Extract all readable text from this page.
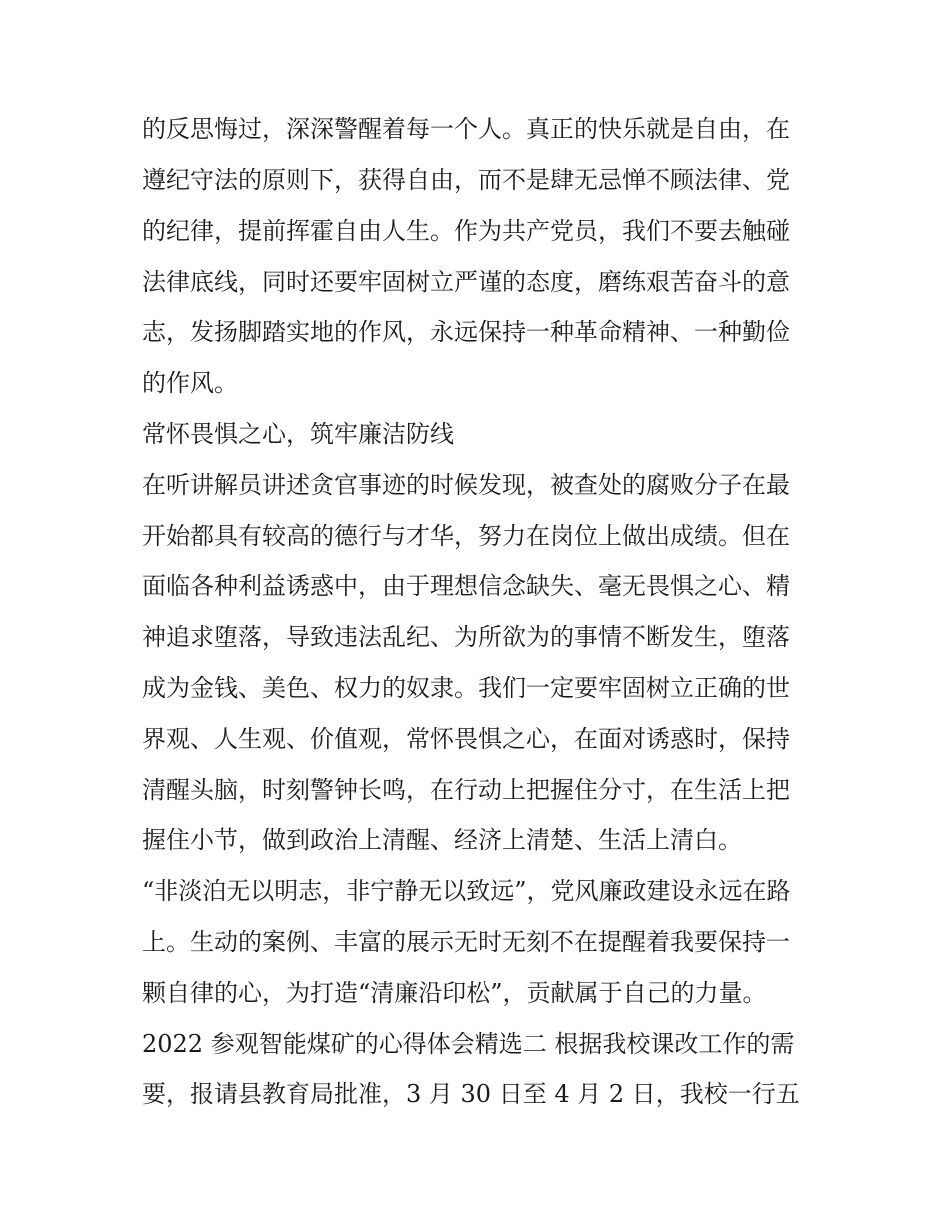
的反思悔过，深深警醒着每一个人。真正的快乐就是自由，在
遵纪守法的原则下，获得自由，而不是肆无忌惮不顾法律、党
的纪律，提前挥霍自由人生。作为共产党员，我们不要去触碰
法律底线，同时还要牢固树立严谨的态度，磨练艰苦奋斗的意
志，发扬脚踏实地的作风，永远保持一种革命精神、一种勤俭
的作风。
常怀畏惧之心，筑牢廉洁防线
在听讲解员讲述贪官事迹的时候发现，被查处的腐败分子在最
开始都具有较高的德行与才华，努力在岗位上做出成绩。但在
面临各种利益诱惑中，由于理想信念缺失、毫无畏惧之心、精
神追求堕落，导致违法乱纪、为所欲为的事情不断发生，堕落
成为金钱、美色、权力的奴隶。我们一定要牢固树立正确的世
界观、人生观、价值观，常怀畏惧之心，在面对诱惑时，保持
清醒头脑，时刻警钟长鸣，在行动上把握住分寸，在生活上把
握住小节，做到政治上清醒、经济上清楚、生活上清白。
“非淡泊无以明志，非宁静无以致远”，党风廉政建设永远在路
上。生动的案例、丰富的展示无时无刻不在提醒着我要保持一
颗自律的心，为打造“清廉沿印松”，贡献属于自己的力量。
2022 参观智能煤矿的心得体会精选二 根据我校课改工作的需
要，报请县教育局批准，3 月 30 日至 4 月 2 日，我校一行五
